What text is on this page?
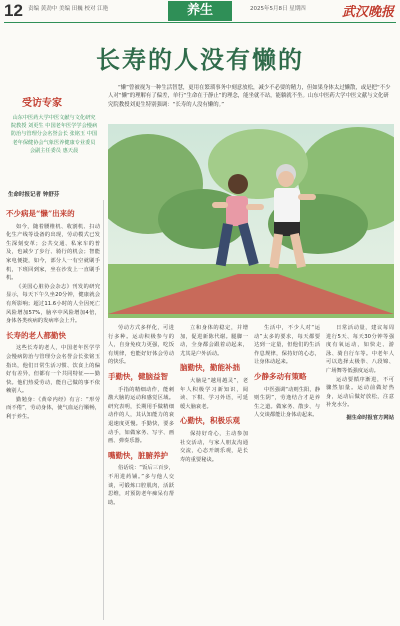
12 责编 黄劲中 美编 田巍 校对 江艳	养生	2025年5月8日 星期四	武汉晚报
长寿的人没有懒的
受访专家
山东中医药大学中医文献与文化研究院教授 刘更生 中国老年医学学会慢病防治与管理分会名誉会长 张铭玉 中国老年保健协会气象医养健康专业委员会副主任委员 惠天晨
生命时报记者 钟舒芬

“懒”曾被视为一种生活智慧，更用在繁琐事务中刻意放松，减少不必要的精力，但如果身体太过懒散，或是把“不少人对“懒”的理解有了偏差，单行“生命在于静止”的理念，能坐就不站，能躺就不坐。山东中医药大学中医文献与文化研究院教授刘更生特别强调：“长寿的人没有懒的。”

不少病是“懒”出来的

如今，随着腰椎机、收割机、扫动化生产线等设备的出现，劳动模式已发生深刻变革；公共交通、私家车的普及，也减少了步行、骑行的机会；智能家电便捷，如今，部分人一有空就刷手机，下班回到家，坐在沙发上一直刷手机。

《美国心脏协会杂志》刊发的研究显示，每天下午久坐20分钟，健康就会有所影响；超过11.6小时的人全因死亡风险增加57%，脑卒中风险增加4倍，身体各类疾病的发病率会上升。

长寿的老人都勤快

这些长寿的老人，中国老年医学学会慢病防治与管理分会名誉会长张铭玉指出，他们日常生活习惯、饮食上的偏好有差异，但都有一个共同特征——勤快。他们热爱劳动，能自己做的事不依赖别人。

勤勉身：《黄帝内经》有言：“形劳而不倦”，劳动身体，使气血运行顺畅，利于养生。

劳动方式多样化，可进行多种。运动积极参与的人，自身免疫力更强，吃饭有规律，也能好好体会劳动的快乐。

手勤快，健脑益智

手指的精细动作，能刺激大脑的运动和感觉区域。研究表明，长期用手做精细动作的人，其认知能力的衰退速度更慢。手勤快，要多动手，如做家务、写字、画画、弹奏乐器。

嘴勤快，脏腑养护

俗话说：“饭后三百步，不用进药铺。”多与他人交谈，可锻炼口腔肌肉，活跃思维，对预防老年痴呆有帮助。

立和身体的稳定，并增加，促进新陈代谢。腿脚一动，全身都会跟着动起来，尤其是户外活动。

脑勤快，勤能补拙

大脑是“越用越灵”，老年人积极学习新知识，阅读、下棋、学习外语，可延缓大脑衰老。

心勤快，积极乐观

保持好奇心，主动参加社交活动，与家人朋友沟通交流，心态开朗乐观，是长寿的重要秘诀。

生活中，不少人对“运动”太多的要求，每天都要达到一定量，但他们的生活作息规律，保持好的心态，让身体动起来。

少静多动有策略

中医强调“动则生阳，静则生阴”，劳逸结合才是养生之道。做家务、散步、与人交谈都能让身体动起来。

日常活动量，建议每周进行5天、每天30分钟等强度有氧运动，如快走、游泳、骑自行车等。中老年人可以选择太极拳、八段锦、广场舞等低强度运动。

运动要循序渐进，不可骤然加量。运动前做好热身，运动后做好放松，注意补充水分。

据生命时报官方网站
